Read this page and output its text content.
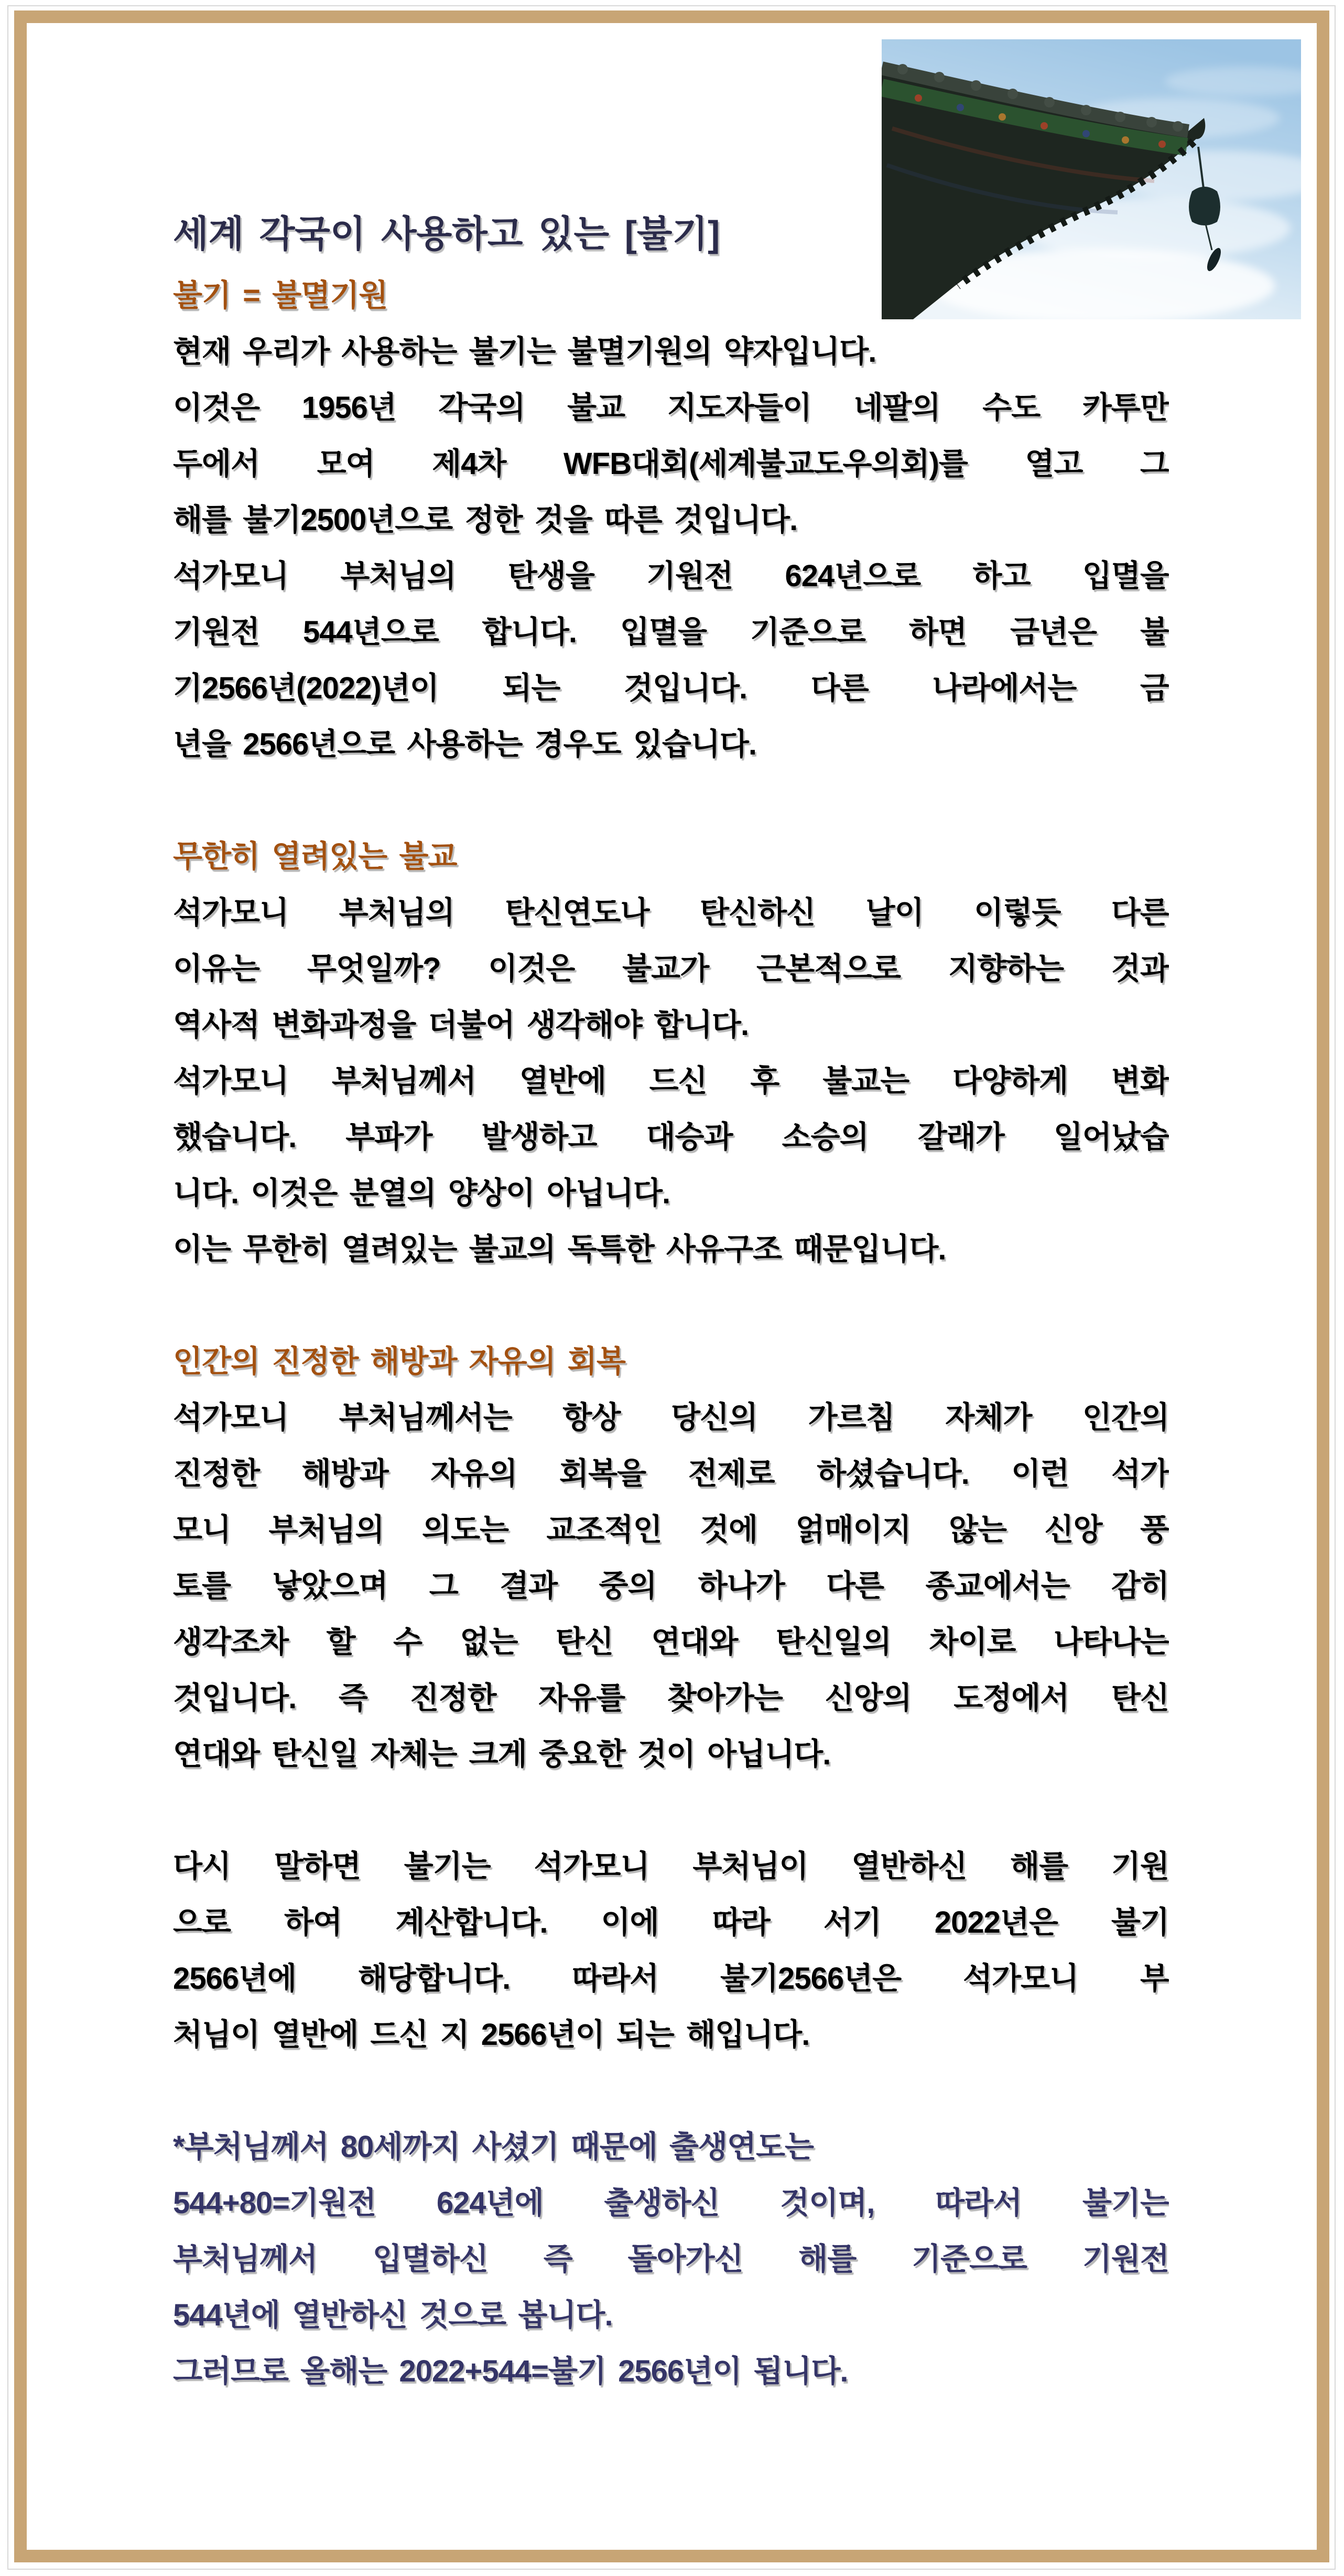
세계 각국이 사용하고 있는 [불기]
불기 = 불멸기원
현재 우리가 사용하는 불기는 불멸기원의 약자입니다.
이것은 1956년 각국의 불교 지도자들이 네팔의 수도 카투만
두에서 모여 제4차 WFB대회(세계불교도우의회)를 열고 그
해를 불기2500년으로 정한 것을 따른 것입니다.
석가모니 부처님의 탄생을 기원전 624년으로 하고 입멸을
기원전 544년으로 합니다. 입멸을 기준으로 하면 금년은 불
기2566년(2022)년이 되는 것입니다. 다른 나라에서는 금
년을 2566년으로 사용하는 경우도 있습니다.
무한히 열려있는 불교
석가모니 부처님의 탄신연도나 탄신하신 날이 이렇듯 다른
이유는 무엇일까? 이것은 불교가 근본적으로 지향하는 것과
역사적 변화과정을 더불어 생각해야 합니다.
석가모니 부처님께서 열반에 드신 후 불교는 다양하게 변화
했습니다. 부파가 발생하고 대승과 소승의 갈래가 일어났습
니다. 이것은 분열의 양상이 아닙니다.
이는 무한히 열려있는 불교의 독특한 사유구조 때문입니다.
인간의 진정한 해방과 자유의 회복
석가모니 부처님께서는 항상 당신의 가르침 자체가 인간의
진정한 해방과 자유의 회복을 전제로 하셨습니다. 이런 석가
모니 부처님의 의도는 교조적인 것에 얽매이지 않는 신앙 풍
토를 낳았으며 그 결과 중의 하나가 다른 종교에서는 감히
생각조차 할 수 없는 탄신 연대와 탄신일의 차이로 나타나는
것입니다. 즉 진정한 자유를 찾아가는 신앙의 도정에서 탄신
연대와 탄신일 자체는 크게 중요한 것이 아닙니다.
다시 말하면 불기는 석가모니 부처님이 열반하신 해를 기원
으로 하여 계산합니다. 이에 따라 서기 2022년은 불기
2566년에 해당합니다. 따라서 불기2566년은 석가모니 부
처님이 열반에 드신 지 2566년이 되는 해입니다.
*부처님께서 80세까지 사셨기 때문에 출생연도는
544+80=기원전 624년에 출생하신 것이며, 따라서 불기는
부처님께서 입멸하신 즉 돌아가신 해를 기준으로 기원전
544년에 열반하신 것으로 봅니다.
그러므로 올해는 2022+544=불기 2566년이 됩니다.
